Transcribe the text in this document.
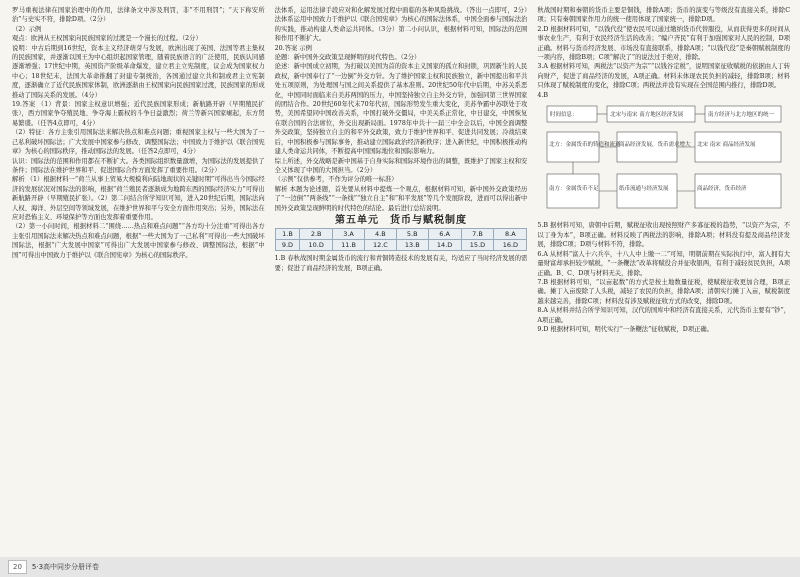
罗马重视法律在国家治理中的作用，法律条文中涉及刑罚，非“不用刑罚”；“天下称安所治”与史实不符，排除D项。（2分）

（2）示例

观点：欧洲从王权国家向民族国家的过渡是一个漫长的过程。（2分）

说明：中古后期到16世纪，资本主义经济萌芽与发展，欧洲出现了英国、法国等君主集权的民族国家，并逐渐以国王为中心组织起国家管理，随着民族语言的广泛使用，民族认同感逐渐增强；17世纪中期，英国资产阶级革命爆发，建立君主立宪制度，议会成为国家权力中心；18世纪末，法国大革命推翻了封建专制统治，各国通过建立共和制或君主立宪制度，逐渐确立了近代民族国家体制，欧洲逐渐由王权国家向民族国家过渡，民族国家的形成推动了国际关系的发展。（4分）

19.答案 （1）背景：国家主权意识增强；近代民族国家形成；新航路开辟（早期殖民扩张），西方国家争夺殖民地、争夺海上霸权的斗争日益激烈；荷兰等新兴国家崛起，东方贸易繁盛。（任答4点即可，4分）

（2）特征：各方主张引用国际法来解决热点和难点问题；重视国家主权与一些大国为了一己私利破坏国际法；广大发展中国家参与修改、调整国际法；中国致力于维护以《联合国宪章》为核心的国际秩序，推动国际法的发展。（任答2点即可，4分）

认识：国际法的范围和作用都在不断扩大。各类国际组织数量激增，为国际法的发展提供了条件；国际法在维护世界和平、促进国际合作方面发挥了重要作用。（2分）

解析 （1）根据材料一“荷兰从事上贸易大规模利向陆地现状的关键时期”可得出当今国际经济的发展状况对国际法的影响，根据“荷兰殖民者逐渐成为地跨东西的国际经济实力”可得出新航路开辟（早期殖民扩张）。（2）第二问结合所学知识可知，进入20世纪后期，国际法向人权、海洋、外层空间等领域发展，在维护世界和平与安全方面作用突出；另外，国际法在应对恐怖主义、环境保护等方面也发挥着重要作用。

（2）第一小问时间，根据材料二“围绕……热点和难点问题”“各方均十分注重”可得出各方主张引用国际法来解决热点和难点问题，根据“一些大国为了一己私利”可得出一些大国破坏国际法，根据“广大发展中国家”可得出广大发展中国家参与修改、调整国际法，根据“中国”可得出中国致力于维护以《联合国宪章》为核心的国际秩序。

法体系，运用法律手段应对和化解发展过程中面临的各种风险挑战。（答出一点即可，2分）法体系运用中国致力于维护以《联合国宪章》为核心的国际法体系，中国全面参与国际法治的实践，推动构建人类命运共同体。（3分）第二小问认识，根据材料可知，国际法的范围和作用不断扩大。

20.答案 示例

论题：新中国外交政策呈现鲜明的时代特色。（2分）

论述：新中国成立初期，为打破以美国为首的资本主义国家的孤立和封锁，巩固新生的人民政权，新中国奉行了“一边倒”外交方针。为了维护国家主权和民族独立，新中国提出和平共处五项原则，为处理国与国之间关系提供了基本准则。20世纪50年代中后期，中苏关系恶化，中国同时面临来自美苏两国的压力，中国坚持独立自主外交方针，加强同第三世界国家的团结合作。20世纪60年代末70年代初，国际形势发生重大变化，美苏争霸中苏联处于攻势，美国希望同中国改善关系，中国打破外交僵局，中美关系正常化，中日建交，中国恢复在联合国的合法席位，外交出现新局面。1978年中共十一届三中全会以后，中国全面调整外交政策，坚持独立自主的和平外交政策，致力于维护世界和平、促进共同发展；冷战结束后，中国积极参与国际事务，推动建立国际政治经济新秩序；进入新世纪，中国积极推动构建人类命运共同体，不断提高中国国际地位和国际影响力。

综上所述，外交战略是新中国基于自身实际和国际环境作出的调整，既维护了国家主权和安全又体现了中国的大国担当。（2分）

（示例”仅供参考，不作为评分的唯一标准）

解析 本题为论述题，首先要从材料中提炼一个观点，根据材料可知，新中国外交政策经历了“一边倒”“两条线”“一条线”“独立自主”和“和平发展”等几个发展阶段，进而可以得出新中国外交政策呈现鲜明的时代特色的结论。最后进行总结说明。

第五单元　货币与赋税制度
1.B	2.B	3.A	4.B	5.B	6.A	7.B	8.A
9.D	10.D	11.B	12.C	13.B	14.D	15.D	16.D

1.B 春秋战国时期金属货币的流行和青铜铸造技术的发展有关，均适应了当时经济发展的需要；促进了商品经济的发展，B项正确。

秋战国时期和秦朝的货币主要是铜钱，排除A项；货币的演变与等级没有直接关系，排除C项；只有秦朝国家作用力的统一使用体现了国家统一，排除D项。

2.D 根据材料可知，“以钱代役”使农民可以通过缴纳货币代替服役，从而获得更多的时间从事农业生产，有利于农民经济生活的改善；“编户齐民”有利于加强国家对人民的控制，D项正确。材料与货币经济发展、市场没有直接联系，排除A项；“以钱代役”是秦朝赋税制度的一项内容，排除B项；C项“解决了”的说法过于绝对，排除。

3.A 根据材料可知，两税法“以资产为宗”“以钱谷定税”，说明国家征收赋税的依据由人丁转向财产，促进了商品经济的发展，A项正确。材料未体现农民负担的减轻，排除B项；材料只体现了赋税制度的变化，排除C项；两税法并没有实现在全国范围内推行，排除D项。

4.B

时间信息：	北宋与南宋 南方地区经济发展	南方经济与北方地区的统一
北方：金属货币的铸造和流通
商品经济发展，货币需求增大 北宋 南宋 商品经济发展
南方：金属货币不足	纸币流通与经济发展	商品经济，货币经济

5.B 据材料可知，唐朝中后期，赋税征收出现按照财产多寡征税的趋势，“以资产为宗，不以丁身为本”，B项正确。材料反映了两税法的影响，排除A项；材料没有提及商品经济发展，排除C项；D项与材料不符，排除。

6.A 从材料“富人十六兵卒，十八人中上缴一二”可知，明朝前期在实际执行中，富人拥有大量财富却承担较少赋税，“一条鞭法”改革将赋役合并征收银两，有利于减轻贫民负担，A项正确。B、C、D项与材料无关，排除。

7.B 根据材料可知，“以亩起数”的方式是按土地数量征税，使赋税征收更加合理，B项正确。摊丁入亩废除了人头税，减轻了农民的负担，排除A项；清朝实行摊丁入亩，赋税制度越来越完善，排除C项；材料没有涉及赋税征收方式的改变，排除D项。

8.A 从材料并结合所学知识可知，汉代的国库中和经济有直接关系，元代货币主要有“钞”，A项正确。

9.D 根据材料可知，明代实行“一条鞭法”征收赋税，D项正确。

20 5·3高中同步分册评卷
